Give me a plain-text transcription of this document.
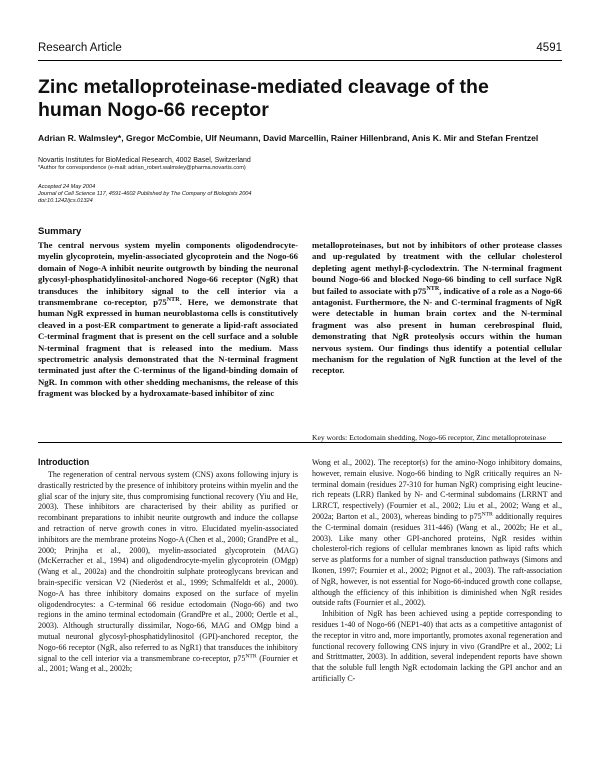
Research Article	4591
Zinc metalloproteinase-mediated cleavage of the human Nogo-66 receptor
Adrian R. Walmsley*, Gregor McCombie, Ulf Neumann, David Marcellin, Rainer Hillenbrand, Anis K. Mir and Stefan Frentzel
Novartis Institutes for BioMedical Research, 4002 Basel, Switzerland
*Author for correspondence (e-mail: adrian_robert.walmsley@pharma.novartis.com)
Accepted 24 May 2004
Journal of Cell Science 117, 4591-4602 Published by The Company of Biologists 2004
doi:10.1242/jcs.01324
Summary
The central nervous system myelin components oligodendrocyte-myelin glycoprotein, myelin-associated glycoprotein and the Nogo-66 domain of Nogo-A inhibit neurite outgrowth by binding the neuronal glycosyl-phosphatidylinositol-anchored Nogo-66 receptor (NgR) that transduces the inhibitory signal to the cell interior via a transmembrane co-receptor, $p75^{NTR}$. Here, we demonstrate that human NgR expressed in human neuroblastoma cells is constitutively cleaved in a post-ER compartment to generate a lipid-raft associated C-terminal fragment that is present on the cell surface and a soluble N-terminal fragment that is released into the medium. Mass spectrometric analysis demonstrated that the N-terminal fragment terminated just after the C-terminus of the ligand-binding domain of NgR. In common with other shedding mechanisms, the release of this fragment was blocked by a hydroxamate-based inhibitor of zinc
metalloproteinases, but not by inhibitors of other protease classes and up-regulated by treatment with the cellular cholesterol depleting agent methyl-β-cyclodextrin. The N-terminal fragment bound Nogo-66 and blocked Nogo-66 binding to cell surface NgR but failed to associate with $p75^{NTR}$, indicative of a role as a Nogo-66 antagonist. Furthermore, the N- and C-terminal fragments of NgR were detectable in human brain cortex and the N-terminal fragment was also present in human cerebrospinal fluid, demonstrating that NgR proteolysis occurs within the human nervous system. Our findings thus identify a potential cellular mechanism for the regulation of NgR function at the level of the receptor.
Key words: Ectodomain shedding, Nogo-66 receptor, Zinc metalloproteinase
Introduction

The regeneration of central nervous system (CNS) axons following injury is drastically restricted by the presence of inhibitory proteins within myelin and the glial scar of the injury site, thus compromising functional recovery (Yiu and He, 2003). These inhibitors are characterised by their ability as purified or recombinant preparations to inhibit neurite outgrowth and induce the collapse and retraction of nerve growth cones in vitro. Elucidated myelin-associated inhibitors are the membrane proteins Nogo-A (Chen et al., 2000; GrandPre et al., 2000; Prinjha et al., 2000), myelin-associated glycoprotein (MAG) (McKerracher et al., 1994) and oligodendrocyte-myelin glycoprotein (OMgp) (Wang et al., 2002a) and the chondroitin sulphate proteoglycans brevican and brain-specific versican V2 (Niederöst et al., 1999; Schmalfeldt et al., 2000). Nogo-A has three inhibitory domains exposed on the surface of myelin oligodendrocytes: a C-terminal 66 residue ectodomain (Nogo-66) and two regions in the amino terminal ectodomain (GrandPre et al., 2000; Oertle et al., 2003). Although structurally dissimilar, Nogo-66, MAG and OMgp bind a mutual neuronal glycosyl-phosphatidylinositol (GPI)-anchored receptor, the Nogo-66 receptor (NgR, also referred to as NgR1) that transduces the inhibitory signal to the cell interior via a transmembrane co-receptor, $p75^{NTR}$ (Fournier et al., 2001; Wang et al., 2002b;

Wong et al., 2002). The receptor(s) for the amino-Nogo inhibitory domains, however, remain elusive. Nogo-66 binding to NgR critically requires an N-terminal domain (residues 27-310 for human NgR) comprising eight leucine-rich repeats (LRR) flanked by N- and C-terminal subdomains (LRRNT and LRRCT, respectively) (Fournier et al., 2002; Liu et al., 2002; Wang et al., 2002a; Barton et al., 2003), whereas binding to $p75^{NTR}$ additionally requires the C-terminal domain (residues 311-446) (Wang et al., 2002b; He et al., 2003). Like many other GPI-anchored proteins, NgR resides within cholesterol-rich regions of cellular membranes known as lipid rafts which serve as platforms for a number of signal transduction pathways (Simons and Ikonen, 1997; Fournier et al., 2002; Pignot et al., 2003). The raft-association of NgR, however, is not essential for Nogo-66-induced growth cone collapse, although the efficiency of this inhibition is diminished when NgR resides outside rafts (Fournier et al., 2002).

Inhibition of NgR has been achieved using a peptide corresponding to residues 1-40 of Nogo-66 (NEP1-40) that acts as a competitive antagonist of the receptor in vitro and, more importantly, promotes axonal regeneration and functional recovery following CNS injury in vivo (GrandPre et al., 2002; Li and Strittmatter, 2003). In addition, several independent reports have shown that the soluble full length NgR ectodomain lacking the GPI anchor and an artificially C-
